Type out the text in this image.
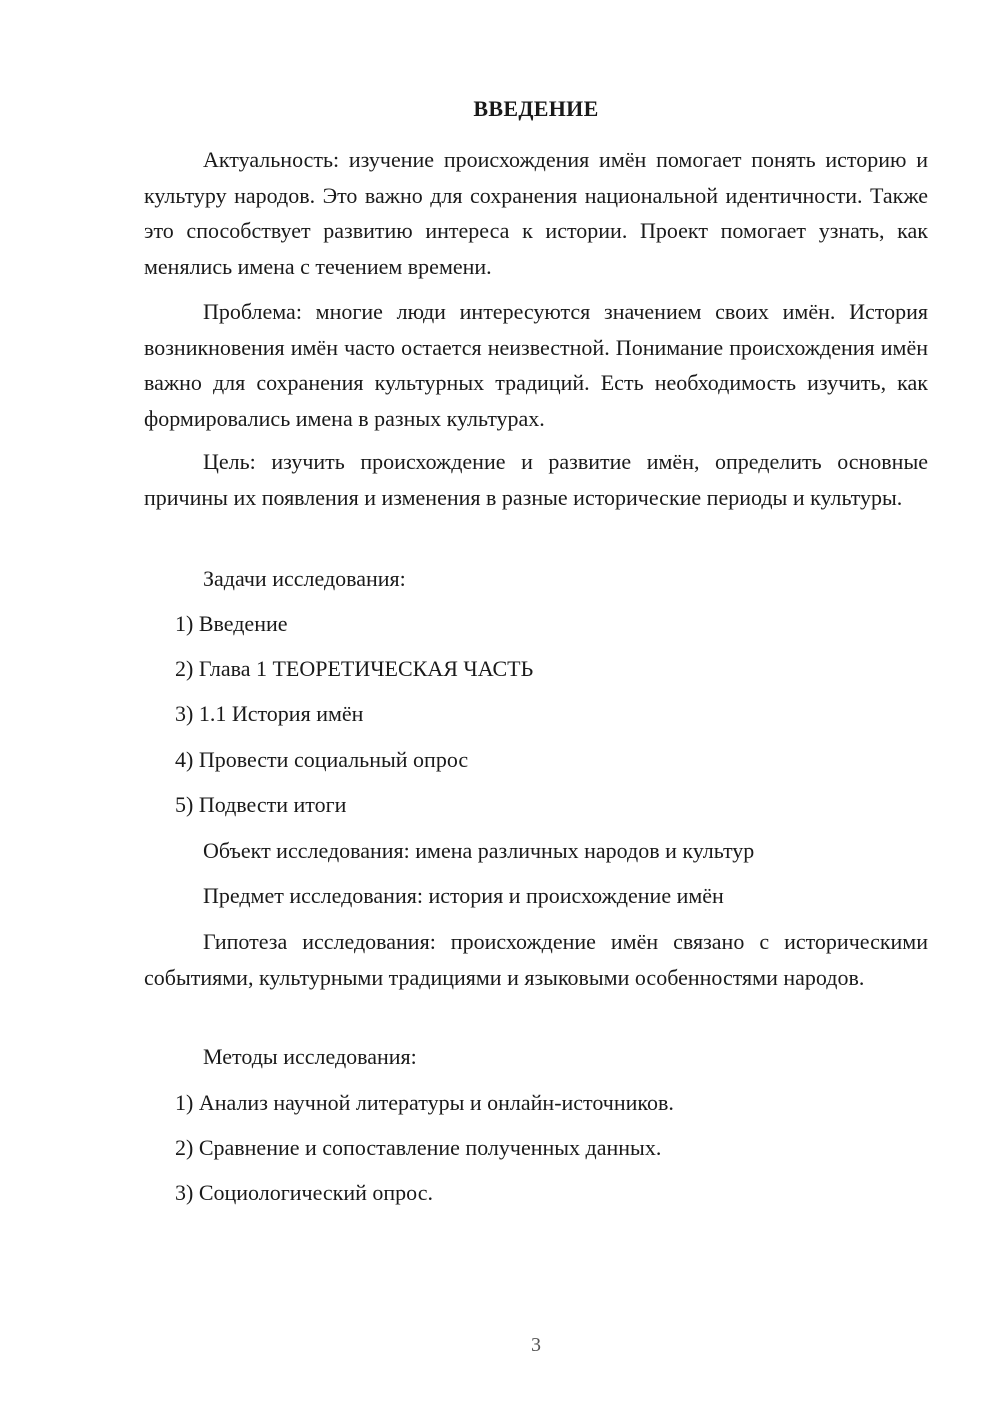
ВВЕДЕНИЕ

Актуальность: изучение происхождения имён помогает понять историю и культуру народов. Это важно для сохранения национальной идентичности. Также это способствует развитию интереса к истории. Проект помогает узнать, как менялись имена с течением времени.

Проблема: многие люди интересуются значением своих имён. История возникновения имён часто остается неизвестной. Понимание происхождения имён важно для сохранения культурных традиций. Есть необходимость изучить, как формировались имена в разных культурах.

Цель: изучить происхождение и развитие имён, определить основные причины их появления и изменения в разные исторические периоды и культуры.

Задачи исследования:
1) Введение
2) Глава 1 ТЕОРЕТИЧЕСКАЯ ЧАСТЬ
3) 1.1 История имён
4) Провести социальный опрос
5) Подвести итоги
Объект исследования: имена различных народов и культур
Предмет исследования: история и происхождение имён

Гипотеза исследования: происхождение имён связано с историческими событиями, культурными традициями и языковыми особенностями народов.

Методы исследования:
1) Анализ научной литературы и онлайн-источников.
2) Сравнение и сопоставление полученных данных.
3) Социологический опрос.
3
